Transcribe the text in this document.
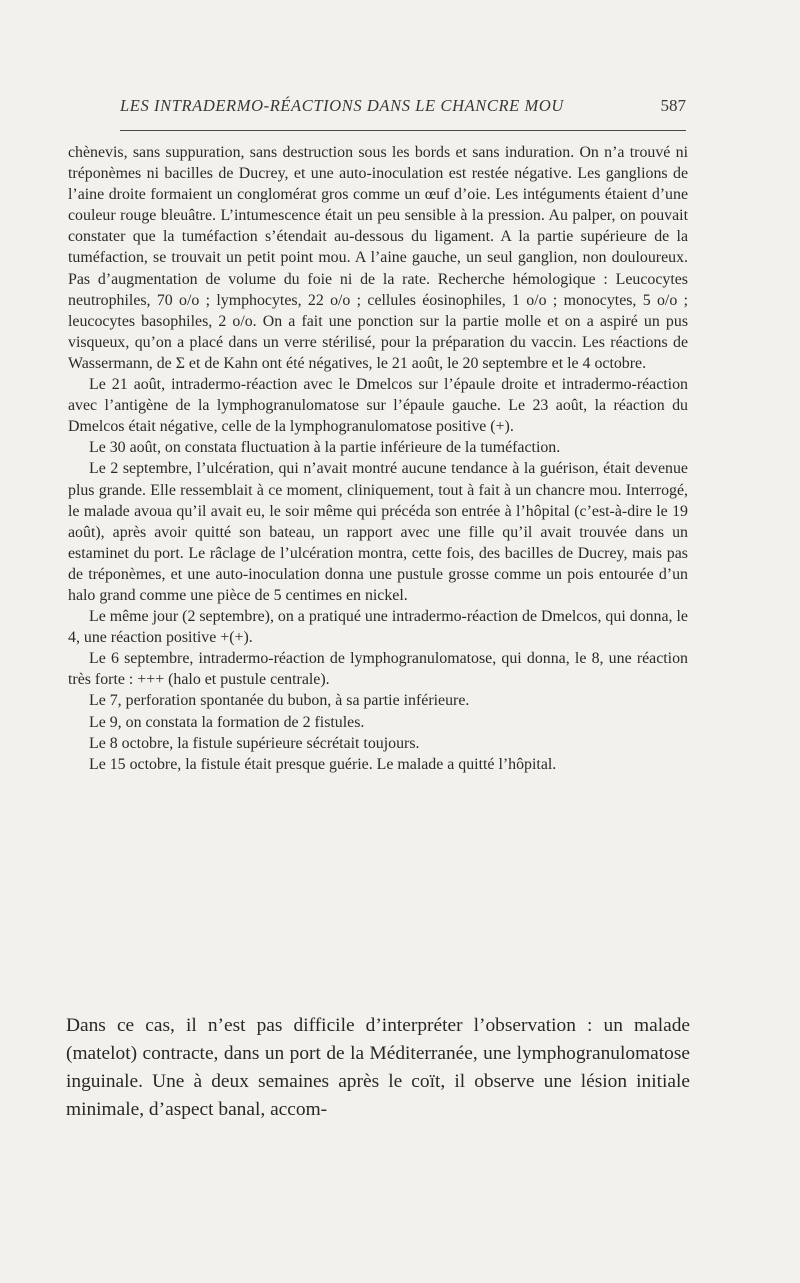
LES INTRADERMO-RÉACTIONS DANS LE CHANCRE MOU	587

chènevis, sans suppuration, sans destruction sous les bords et sans induration. On n’a trouvé ni tréponèmes ni bacilles de Ducrey, et une auto-inoculation est restée négative. Les ganglions de l’aine droite formaient un conglomérat gros comme un œuf d’oie. Les intéguments étaient d’une couleur rouge bleuâtre. L’intumescence était un peu sensible à la pression. Au palper, on pouvait constater que la tuméfaction s’étendait au-dessous du ligament. A la partie supérieure de la tuméfaction, se trouvait un petit point mou. A l’aine gauche, un seul ganglion, non douloureux. Pas d’augmentation de volume du foie ni de la rate. Recherche hémologique : Leucocytes neutrophiles, 70 o/o ; lymphocytes, 22 o/o ; cellules éosinophiles, 1 o/o ; monocytes, 5 o/o ; leucocytes basophiles, 2 o/o. On a fait une ponction sur la partie molle et on a aspiré un pus visqueux, qu’on a placé dans un verre stérilisé, pour la préparation du vaccin. Les réactions de Wassermann, de Σ et de Kahn ont été négatives, le 21 août, le 20 septembre et le 4 octobre.

Le 21 août, intradermo-réaction avec le Dmelcos sur l’épaule droite et intradermo-réaction avec l’antigène de la lymphogranulomatose sur l’épaule gauche. Le 23 août, la réaction du Dmelcos était négative, celle de la lymphogranulomatose positive (+).

Le 30 août, on constata fluctuation à la partie inférieure de la tuméfaction.

Le 2 septembre, l’ulcération, qui n’avait montré aucune tendance à la guérison, était devenue plus grande. Elle ressemblait à ce moment, cliniquement, tout à fait à un chancre mou. Interrogé, le malade avoua qu’il avait eu, le soir même qui précéda son entrée à l’hôpital (c’est-à-dire le 19 août), après avoir quitté son bateau, un rapport avec une fille qu’il avait trouvée dans un estaminet du port. Le râclage de l’ulcération montra, cette fois, des bacilles de Ducrey, mais pas de tréponèmes, et une auto-inoculation donna une pustule grosse comme un pois entourée d’un halo grand comme une pièce de 5 centimes en nickel.

Le même jour (2 septembre), on a pratiqué une intradermo-réaction de Dmelcos, qui donna, le 4, une réaction positive +(+).

Le 6 septembre, intradermo-réaction de lymphogranulomatose, qui donna, le 8, une réaction très forte : +++ (halo et pustule centrale).

Le 7, perforation spontanée du bubon, à sa partie inférieure.

Le 9, on constata la formation de 2 fistules.

Le 8 octobre, la fistule supérieure sécrétait toujours.

Le 15 octobre, la fistule était presque guérie. Le malade a quitté l’hôpital.

Dans ce cas, il n’est pas difficile d’interpréter l’observation : un malade (matelot) contracte, dans un port de la Méditerranée, une lymphogranulomatose inguinale. Une à deux semaines après le coït, il observe une lésion initiale minimale, d’aspect banal, accom-
